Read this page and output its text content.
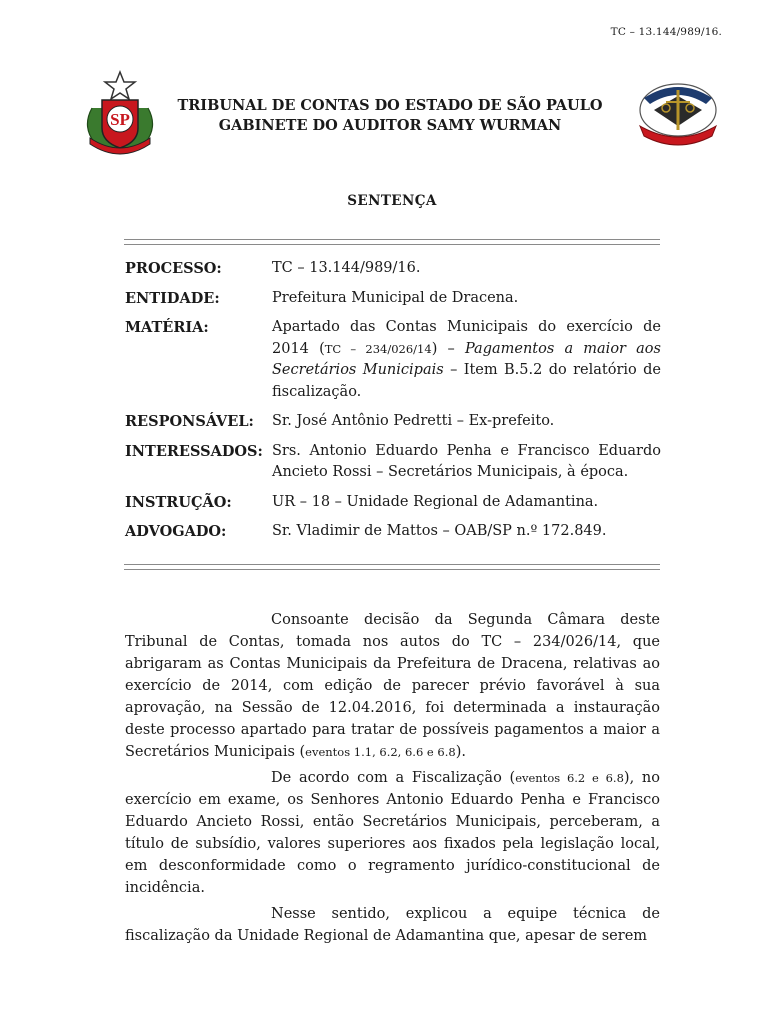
TC – 13.144/989/16.
SP
TRIBUNAL DE CONTAS DO ESTADO DE SÃO PAULO
GABINETE DO AUDITOR SAMY WURMAN
SENTENÇA
PROCESSO:	TC – 13.144/989/16.
ENTIDADE:	Prefeitura Municipal de Dracena.
MATÉRIA:	Apartado das Contas Municipais do exercício de 2014 (TC – 234/026/14) – Pagamentos a maior aos Secretários Municipais – Item B.5.2 do relatório de fiscalização.
RESPONSÁVEL:	Sr. José Antônio Pedretti – Ex-prefeito.
INTERESSADOS: Srs. Antonio Eduardo Penha e Francisco Eduardo Ancieto Rossi – Secretários Municipais, à época.
INSTRUÇÃO:	UR – 18 – Unidade Regional de Adamantina.
ADVOGADO:	Sr. Vladimir de Mattos – OAB/SP n.º 172.849.

Consoante decisão da Segunda Câmara deste Tribunal de Contas, tomada nos autos do TC – 234/026/14, que abrigaram as Contas Municipais da Prefeitura de Dracena, relativas ao exercício de 2014, com edição de parecer prévio favorável à sua aprovação, na Sessão de 12.04.2016, foi determinada a instauração deste processo apartado para tratar de possíveis pagamentos a maior a Secretários Municipais (eventos 1.1, 6.2, 6.6 e 6.8).

De acordo com a Fiscalização (eventos 6.2 e 6.8), no exercício em exame, os Senhores Antonio Eduardo Penha e Francisco Eduardo Ancieto Rossi, então Secretários Municipais, perceberam, a título de subsídio, valores superiores aos fixados pela legislação local, em desconformidade como o regramento jurídico-constitucional de incidência.

Nesse sentido, explicou a equipe técnica de fiscalização da Unidade Regional de Adamantina que, apesar de serem
